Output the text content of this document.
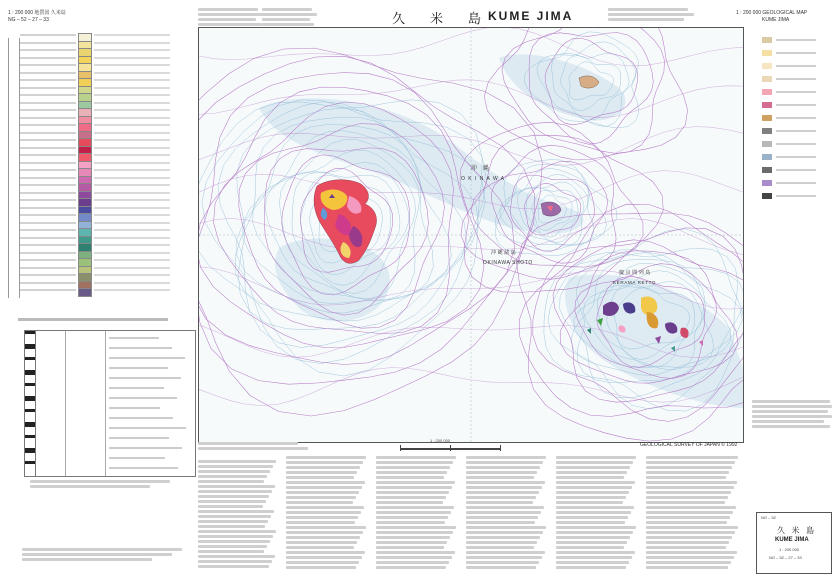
1 : 200 000 地質図 久米島
NG – 52 – 27 – 33	久　米　島 KUME JIMA	1 : 200 000 GEOLOGICAL MAP
KUME JIMA
沖　縄
O K I N A W A
沖 縄 諸 島
OKINAWA SHOTO
慶 良 間 列 島
KERAMA RETTO
1 : 200 000
GEOLOGICAL SURVEY OF JAPAN © 1992
NG – 52
久 米 島
KUME JIMA
1 : 200 000
NG – 52 – 27 – 33
